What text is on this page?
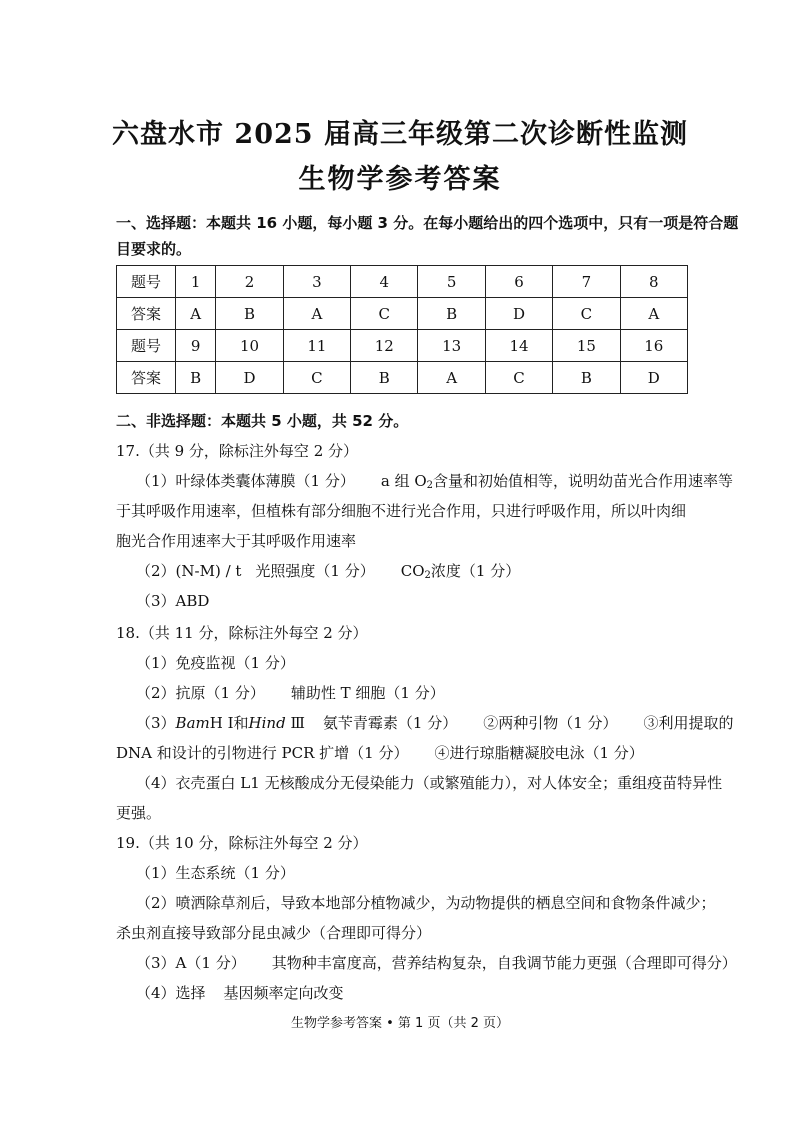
六盘水市 2025 届高三年级第二次诊断性监测
生物学参考答案
一、选择题：本题共 16 小题，每小题 3 分。在每小题给出的四个选项中，只有一项是符合题
目要求的。
题号	1	2	3	4	5	6	7	8
答案	A	B	A	C	B	D	C	A
题号	9	10	11	12	13	14	15	16
答案	B	D	C	B	A	C	B	D
二、非选择题：本题共 5 小题，共 52 分。
17.（共 9 分，除标注外每空 2 分）
（1）叶绿体类囊体薄膜（1 分） a 组 $O_2$含量和初始值相等，说明幼苗光合作用速率等
于其呼吸作用速率，但植株有部分细胞不进行光合作用，只进行呼吸作用，所以叶肉细
胞光合作用速率大于其呼吸作用速率
（2）(N-M) / t 光照强度（1 分） $CO_2$浓度（1 分）
（3）ABD
18.（共 11 分，除标注外每空 2 分）
（1）免疫监视（1 分）
（2）抗原（1 分） 辅助性 T 细胞（1 分）
（3）BamH Ⅰ和Hind Ⅲ 氨苄青霉素（1 分） ②两种引物（1 分） ③利用提取的
DNA 和设计的引物进行 PCR 扩增（1 分） ④进行琼脂糖凝胶电泳（1 分）
（4）衣壳蛋白 L1 无核酸成分无侵染能力（或繁殖能力），对人体安全；重组疫苗特异性
更强。
19.（共 10 分，除标注外每空 2 分）
（1）生态系统（1 分）
（2）喷洒除草剂后，导致本地部分植物减少，为动物提供的栖息空间和食物条件减少；
杀虫剂直接导致部分昆虫减少（合理即可得分）
（3）A（1 分） 其物种丰富度高，营养结构复杂，自我调节能力更强（合理即可得分）
（4）选择 基因频率定向改变
生物学参考答案 • 第 1 页（共 2 页）
